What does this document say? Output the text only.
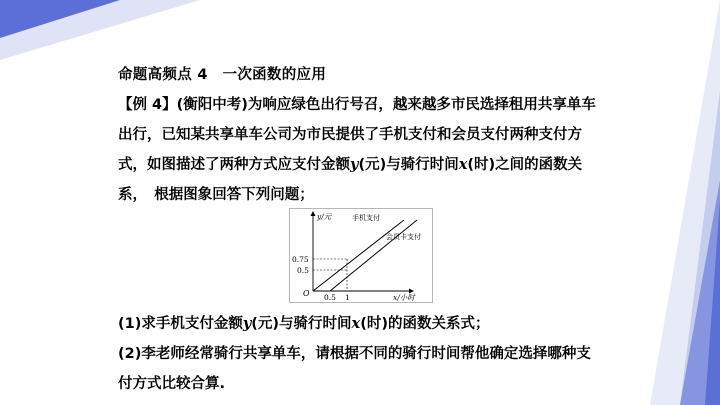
命题高频点 4　一次函数的应用
【例 4】(衡阳中考)为响应绿色出行号召，越来越多市民选择租用共享单车
出行，已知某共享单车公司为市民提供了手机支付和会员支付两种支付方
式，如图描述了两种方式应支付金额y(元)与骑行时间x(时)之间的函数关
系，　根据图象回答下列问题；
y/元
x/小时
O
0.75
0.5
0.5 1
手机支付
会员卡支付
(1)求手机支付金额y(元)与骑行时间x(时)的函数关系式；
(2)李老师经常骑行共享单车，请根据不同的骑行时间帮他确定选择哪种支
付方式比较合算.
